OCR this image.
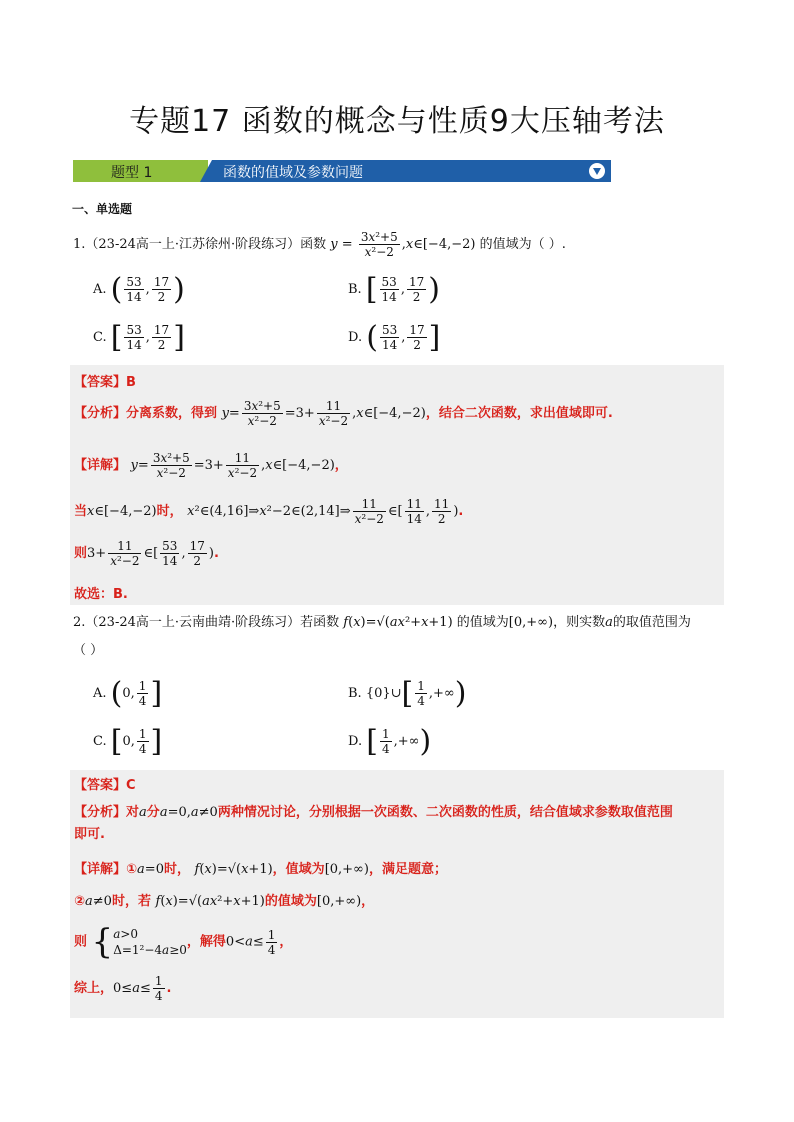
专题17 函数的概念与性质9大压轴考法
题型 1	函数的值域及参数问题
一、单选题
1.（23-24高一上·江苏徐州·阶段练习）函数 $y = \frac{\text{3x²+5}}{\text{x²−2}}$ ,x∈[−4,−2) 的值域为（ ）.
A. ( $\frac{53}{14}$ , $\frac{17}{2}$ )	B. [ $\frac{53}{14}$ , $\frac{17}{2}$ )
C. [ $\frac{53}{14}$ , $\frac{17}{2}$ ]	D. ( $\frac{53}{14}$ , $\frac{17}{2}$ ]
【答案】B
【分析】分离系数，得到 $y= \frac{\text{3x²+5}}{\text{x²−2}} =3+ \frac{11}{\text{x²−2}}$ ,x∈[−4,−2)，结合二次函数，求出值域即可.
【详解】 $y= \frac{\text{3x²+5}}{\text{x²−2}} =3+ \frac{11}{\text{x²−2}}$ ,x∈[−4,−2)，
当x∈[−4,−2)时， x²∈(4,16]⇒x²−2∈(2,14]⇒ $\frac{11}{\text{x²−2}}$ ∈[ $\frac{11}{14}$ , $\frac{11}{2}$ ).
则$3+ \frac{11}{\text{x²−2}}$ ∈[ $\frac{53}{14}$ , $\frac{17}{2}$ ).
故选：B.
2.（23-24高一上·云南曲靖·阶段练习）若函数 f(x)=√(ax²+x+1) 的值域为[0,+∞)，则实数a的取值范围为
（ ）
A. (0, $\frac{1}{4}$ ]	B. {0}∪[ $\frac{1}{4}$ ,+∞)
C. [0, $\frac{1}{4}$ ]	D. [ $\frac{1}{4}$ ,+∞)
【答案】C
【分析】对a分a=0,a≠0两种情况讨论，分别根据一次函数、二次函数的性质，结合值域求参数取值范围
即可.
【详解】①a=0时， f(x)=√(x+1)，值域为[0,+∞)，满足题意；
②a≠0时，若 f(x)=√(ax²+x+1)的值域为[0,+∞)，
则 {a>0
Δ=1²−4a≥0，解得$0<a\le \frac{1}{4}$ ，
综上，$0\le a\le \frac{1}{4}$ .
